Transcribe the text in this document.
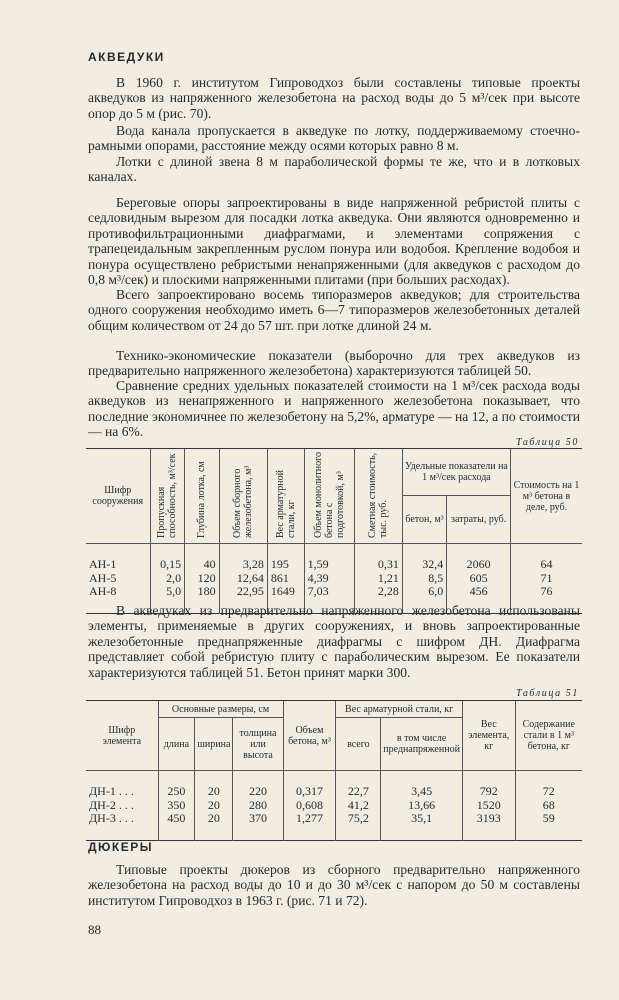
АКВЕДУКИ

В 1960 г. институтом Гипроводхоз были составлены типовые проекты акведуков из напряженного железобетона на расход воды до 5 м³/сек при высоте опор до 5 м (рис. 70).

Вода канала пропускается в акведуке по лотку, поддерживаемому стоечно-рамными опорами, расстояние между осями которых равно 8 м.

Лотки с длиной звена 8 м параболической формы те же, что и в лотковых каналах.

Береговые опоры запроектированы в виде напряженной ребристой плиты с седловидным вырезом для посадки лотка акведука. Они являются одновременно и противофильтрационными диафрагмами, и элементами сопряжения с трапецеидальным закрепленным руслом понура или водобоя. Крепление водобоя и понура осуществлено ребристыми ненапряженными (для акведуков с расходом до 0,8 м³/сек) и плоскими напряженными плитами (при больших расходах).

Всего запроектировано восемь типоразмеров акведуков; для строительства одного сооружения необходимо иметь 6—7 типоразмеров железобетонных деталей общим количеством от 24 до 57 шт. при лотке длиной 24 м.

Технико-экономические показатели (выборочно для трех акведуков из предварительно напряженного железобетона) характеризуются таблицей 50.

Сравнение средних удельных показателей стоимости на 1 м³/сек расхода воды акведуков из ненапряженного и напряженного железобетона показывает, что последние экономичнее по железобетону на 5,2%, арматуре — на 12, а по стоимости — на 6%.

Таблица 50
Шифр сооружения	Пропускная способность, м³/сек	Глубина лотка, см	Объем сборного железобетона, м³	Вес арматурной стали, кг	Объем монолитного бетона с подготовкой, м³	Сметная стоимость, тыс. руб.	Удельные показатели на 1 м³/сек расхода		Стоимость на 1 м³ бетона в деле, руб.
							бетон, м³	затраты, руб.	

АН-1	0,15	40	3,28	195	1,59	0,31	32,4	2060	64
АН-5	2,0	120	12,64	861	4,39	1,21	8,5	605	71
АН-8	5,0	180	22,95	1649	7,03	2,28	6,0	456	76

В акведуках из предварительно напряженного железобетона использованы элементы, применяемые в других сооружениях, и вновь запроектированные железобетонные преднапряженные диафрагмы с шифром ДН. Диафрагма представляет собой ребристую плиту с параболическим вырезом. Ее показатели характеризуются таблицей 51. Бетон принят марки 300.

Таблица 51
Шифр элемента	Основные размеры, см			Объем бетона, м³	Вес арматурной стали, кг		Вес элемента, кг	Содержание стали в 1 м³ бетона, кг
	длина	ширина	толщина или высота		всего	в том числе преднапряженной		

ДН-1 . . .	250	20	220	0,317	22,7	3,45	792	72
ДН-2 . . .	350	20	280	0,608	41,2	13,66	1520	68
ДН-3 . . .	450	20	370	1,277	75,2	35,1	3193	59

ДЮКЕРЫ

Типовые проекты дюкеров из сборного предварительно напряженного железобетона на расход воды до 10 и до 30 м³/сек с напором до 50 м составлены институтом Гипроводхоз в 1963 г. (рис. 71 и 72).

88
